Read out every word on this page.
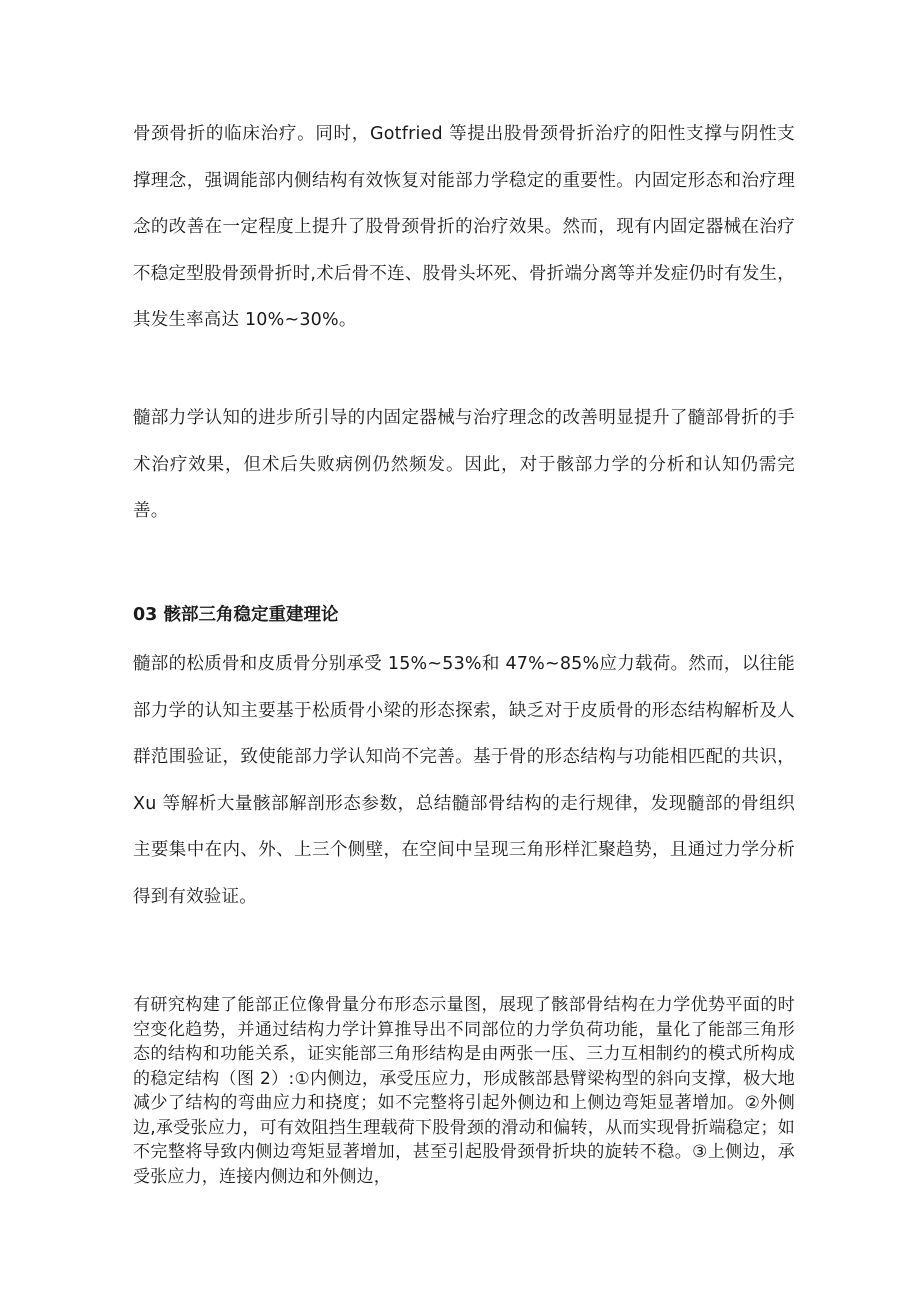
骨颈骨折的临床治疗。同时，Gotfried 等提出股骨颈骨折治疗的阳性支撑与阴性支撑理念，强调能部内侧结构有效恢复对能部力学稳定的重要性。内固定形态和治疗理念的改善在一定程度上提升了股骨颈骨折的治疗效果。然而，现有内固定器械在治疗不稳定型股骨颈骨折时,术后骨不连、股骨头坏死、骨折端分离等并发症仍时有发生，其发生率高达 10%~30%。

髓部力学认知的进步所引导的内固定器械与治疗理念的改善明显提升了髓部骨折的手术治疗效果，但术后失败病例仍然频发。因此，对于骸部力学的分析和认知仍需完善。

03 骸部三角稳定重建理论

髓部的松质骨和皮质骨分别承受 15%~53%和 47%~85%应力载荷。然而，以往能部力学的认知主要基于松质骨小梁的形态探索，缺乏对于皮质骨的形态结构解析及人群范围验证，致使能部力学认知尚不完善。基于骨的形态结构与功能相匹配的共识，Xu 等解析大量骸部解剖形态参数，总结髓部骨结构的走行规律，发现髓部的骨组织主要集中在内、外、上三个侧壁，在空间中呈现三角形样汇聚趋势，且通过力学分析得到有效验证。

有研究构建了能部正位像骨量分布形态示量图，展现了骸部骨结构在力学优势平面的时空变化趋势，并通过结构力学计算推导出不同部位的力学负荷功能，量化了能部三角形态的结构和功能关系，证实能部三角形结构是由两张一压、三力互相制约的模式所构成的稳定结构（图 2）:①内侧边，承受压应力，形成骸部悬臂梁构型的斜向支撑，极大地减少了结构的弯曲应力和挠度；如不完整将引起外侧边和上侧边弯矩显著增加。②外侧边,承受张应力，可有效阻挡生理载荷下股骨颈的滑动和偏转，从而实现骨折端稳定；如不完整将导致内侧边弯矩显著增加，甚至引起股骨颈骨折块的旋转不稳。③上侧边，承受张应力，连接内侧边和外侧边，
